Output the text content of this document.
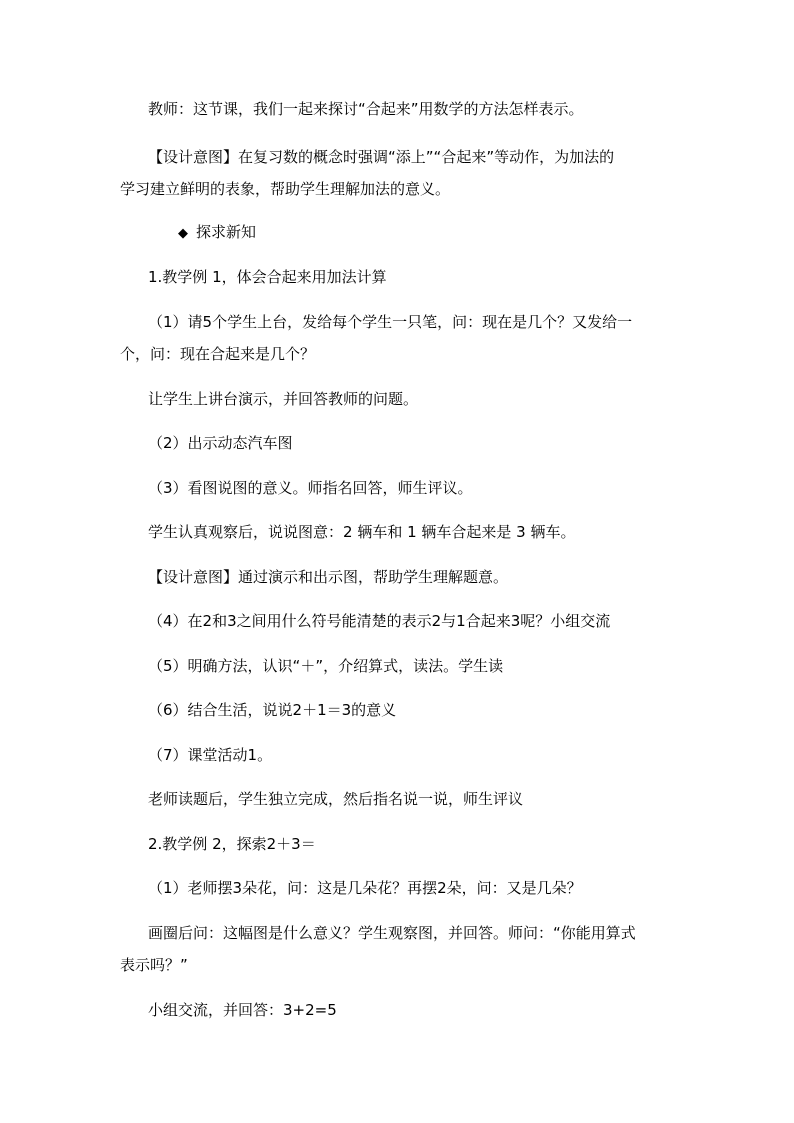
教师：这节课，我们一起来探讨“合起来”用数学的方法怎样表示。
【设计意图】在复习数的概念时强调“添上”“合起来”等动作，为加法的
学习建立鲜明的表象，帮助学生理解加法的意义。
◆ 探求新知
1.教学例 1，体会合起来用加法计算
（1）请5个学生上台，发给每个学生一只笔，问：现在是几个？又发给一
个，问：现在合起来是几个？
让学生上讲台演示，并回答教师的问题。
（2）出示动态汽车图
（3）看图说图的意义。师指名回答，师生评议。
学生认真观察后，说说图意：2 辆车和 1 辆车合起来是 3 辆车。
【设计意图】通过演示和出示图，帮助学生理解题意。
（4）在2和3之间用什么符号能清楚的表示2与1合起来3呢？小组交流
（5）明确方法，认识“＋”，介绍算式，读法。学生读
（6）结合生活，说说2＋1＝3的意义
（7）课堂活动1。
老师读题后，学生独立完成，然后指名说一说，师生评议
2.教学例 2，探索2＋3＝
（1）老师摆3朵花，问：这是几朵花？再摆2朵，问：又是几朵？
画圈后问：这幅图是什么意义？学生观察图，并回答。师问：“你能用算式
表示吗？”
小组交流，并回答：3+2=5
